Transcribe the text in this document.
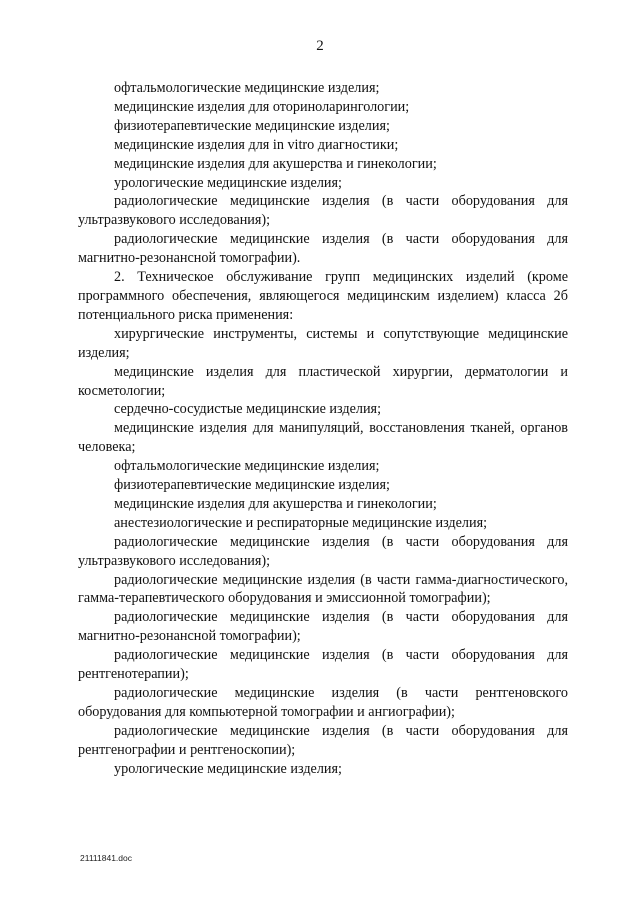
2

офтальмологические медицинские изделия;

медицинские изделия для оториноларингологии;

физиотерапевтические медицинские изделия;

медицинские изделия для in vitro диагностики;

медицинские изделия для акушерства и гинекологии;

урологические медицинские изделия;

радиологические медицинские изделия (в части оборудования для ультразвукового исследования);

радиологические медицинские изделия (в части оборудования для магнитно-резонансной томографии).

2. Техническое обслуживание групп медицинских изделий (кроме программного обеспечения, являющегося медицинским изделием) класса 2б потенциального риска применения:

хирургические инструменты, системы и сопутствующие медицинские изделия;

медицинские изделия для пластической хирургии, дерматологии и косметологии;

сердечно-сосудистые медицинские изделия;

медицинские изделия для манипуляций, восстановления тканей, органов человека;

офтальмологические медицинские изделия;

физиотерапевтические медицинские изделия;

медицинские изделия для акушерства и гинекологии;

анестезиологические и респираторные медицинские изделия;

радиологические медицинские изделия (в части оборудования для ультразвукового исследования);

радиологические медицинские изделия (в части гамма-диагностического, гамма-терапевтического оборудования и эмиссионной томографии);

радиологические медицинские изделия (в части оборудования для магнитно-резонансной томографии);

радиологические медицинские изделия (в части оборудования для рентгенотерапии);

радиологические медицинские изделия (в части рентгеновского оборудования для компьютерной томографии и ангиографии);

радиологические медицинские изделия (в части оборудования для рентгенографии и рентгеноскопии);

урологические медицинские изделия;

21111841.doc
